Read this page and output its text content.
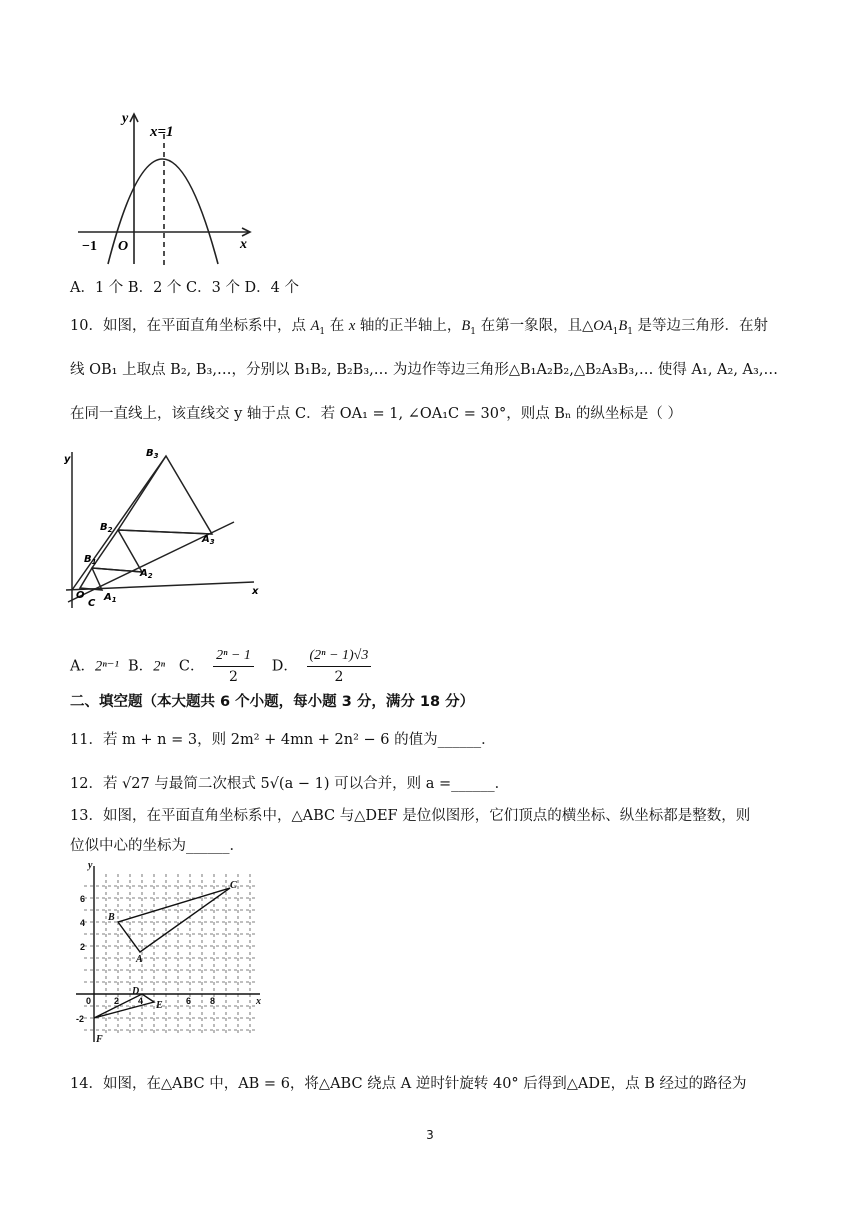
x=1
y
x
O
−1
A．1 个 B．2 个 C．3 个 D．4 个
10．如图，在平面直角坐标系中，点 $A_1$ 在 x 轴的正半轴上，$B_1$ 在第一象限，且$\triangle OA_1B_1$ 是等边三角形．在射
线 OB₁ 上取点 B₂, B₃,…，分别以 B₁B₂, B₂B₃,… 为边作等边三角形△B₁A₂B₂,△B₂A₃B₃,… 使得 A₁, A₂, A₃,…
在同一直线上，该直线交 y 轴于点 C．若 OA₁ = 1, ∠OA₁C = 30°，则点 Bₙ 的纵坐标是（ ）
$B_3$
$B_2$
$B_1$
$A_3$
$A_2$
$A_1$
O
C
y
x
A．2ⁿ⁻¹ B．2ⁿ C． $\frac{\text{2ⁿ − 1}}{2}$ D． $\frac{\text{(2ⁿ − 1)√3}}{2}$
二、填空题（本大题共 6 个小题，每小题 3 分，满分 18 分）
11．若 m + n = 3，则 2m² + 4mn + 2n² − 6 的值为______．
12．若 √27 与最简二次根式 5√(a − 1) 可以合并，则 a =______．
13．如图，在平面直角坐标系中，△ABC 与△DEF 是位似图形，它们顶点的横坐标、纵坐标都是整数，则
位似中心的坐标为______．
y
x
B
A
C
D
E
F
6
4
2
0
-2
2 4	6 8
14．如图，在△ABC 中，AB = 6，将△ABC 绕点 A 逆时针旋转 40° 后得到△ADE，点 B 经过的路径为
3
